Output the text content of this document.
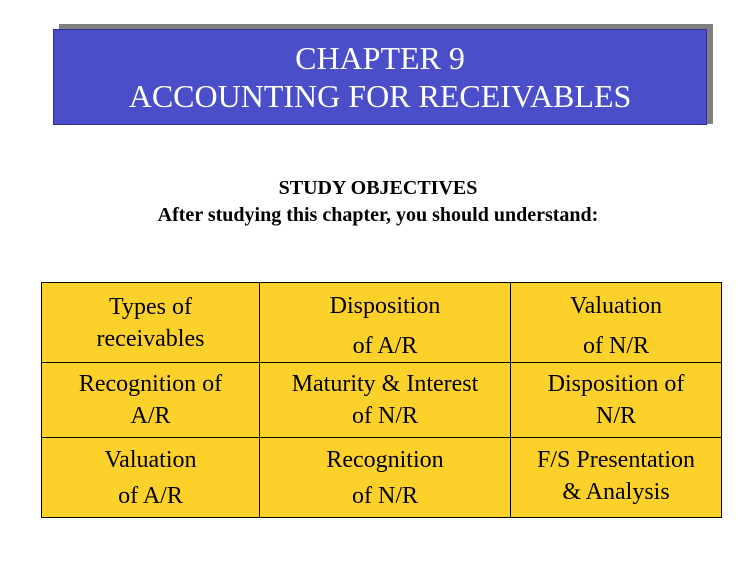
CHAPTER 9
ACCOUNTING FOR RECEIVABLES
STUDY OBJECTIVES
After studying this chapter, you should understand:
Types of
receivables
Disposition
of A/R
Valuation
of N/R
Recognition of
A/R
Maturity & Interest
of N/R
Disposition of
N/R
Valuation
of A/R
Recognition
of N/R
F/S Presentation
& Analysis
